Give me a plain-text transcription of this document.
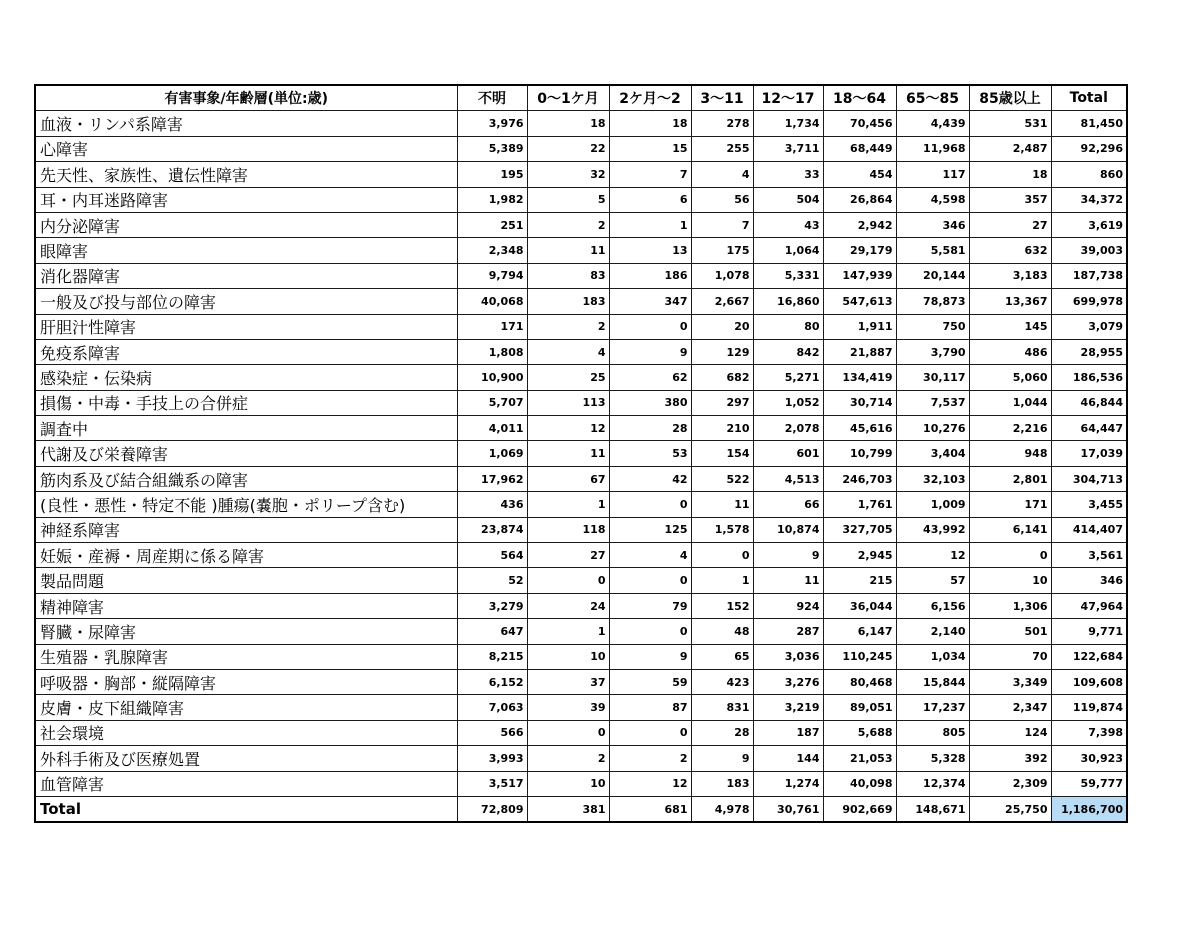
有害事象/年齢層(単位:歳)	不明	0〜1ケ月	2ケ月〜2	3〜11	12〜17	18〜64	65〜85	85歳以上	Total
血液・リンパ系障害	3,976	18	18	278	1,734	70,456	4,439	531	81,450
心障害	5,389	22	15	255	3,711	68,449	11,968	2,487	92,296
先天性、家族性、遺伝性障害	195	32	7	4	33	454	117	18	860
耳・内耳迷路障害	1,982	5	6	56	504	26,864	4,598	357	34,372
内分泌障害	251	2	1	7	43	2,942	346	27	3,619
眼障害	2,348	11	13	175	1,064	29,179	5,581	632	39,003
消化器障害	9,794	83	186	1,078	5,331	147,939	20,144	3,183	187,738
一般及び投与部位の障害	40,068	183	347	2,667	16,860	547,613	78,873	13,367	699,978
肝胆汁性障害	171	2	0	20	80	1,911	750	145	3,079
免疫系障害	1,808	4	9	129	842	21,887	3,790	486	28,955
感染症・伝染病	10,900	25	62	682	5,271	134,419	30,117	5,060	186,536
損傷・中毒・手技上の合併症	5,707	113	380	297	1,052	30,714	7,537	1,044	46,844
調査中	4,011	12	28	210	2,078	45,616	10,276	2,216	64,447
代謝及び栄養障害	1,069	11	53	154	601	10,799	3,404	948	17,039
筋肉系及び結合組織系の障害	17,962	67	42	522	4,513	246,703	32,103	2,801	304,713
(良性・悪性・特定不能 )腫瘍(嚢胞・ポリープ含む)	436	1	0	11	66	1,761	1,009	171	3,455
神経系障害	23,874	118	125	1,578	10,874	327,705	43,992	6,141	414,407
妊娠・産褥・周産期に係る障害	564	27	4	0	9	2,945	12	0	3,561
製品問題	52	0	0	1	11	215	57	10	346
精神障害	3,279	24	79	152	924	36,044	6,156	1,306	47,964
腎臓・尿障害	647	1	0	48	287	6,147	2,140	501	9,771
生殖器・乳腺障害	8,215	10	9	65	3,036	110,245	1,034	70	122,684
呼吸器・胸部・縦隔障害	6,152	37	59	423	3,276	80,468	15,844	3,349	109,608
皮膚・皮下組織障害	7,063	39	87	831	3,219	89,051	17,237	2,347	119,874
社会環境	566	0	0	28	187	5,688	805	124	7,398
外科手術及び医療処置	3,993	2	2	9	144	21,053	5,328	392	30,923
血管障害	3,517	10	12	183	1,274	40,098	12,374	2,309	59,777
Total	72,809	381	681	4,978	30,761	902,669	148,671	25,750	1,186,700
